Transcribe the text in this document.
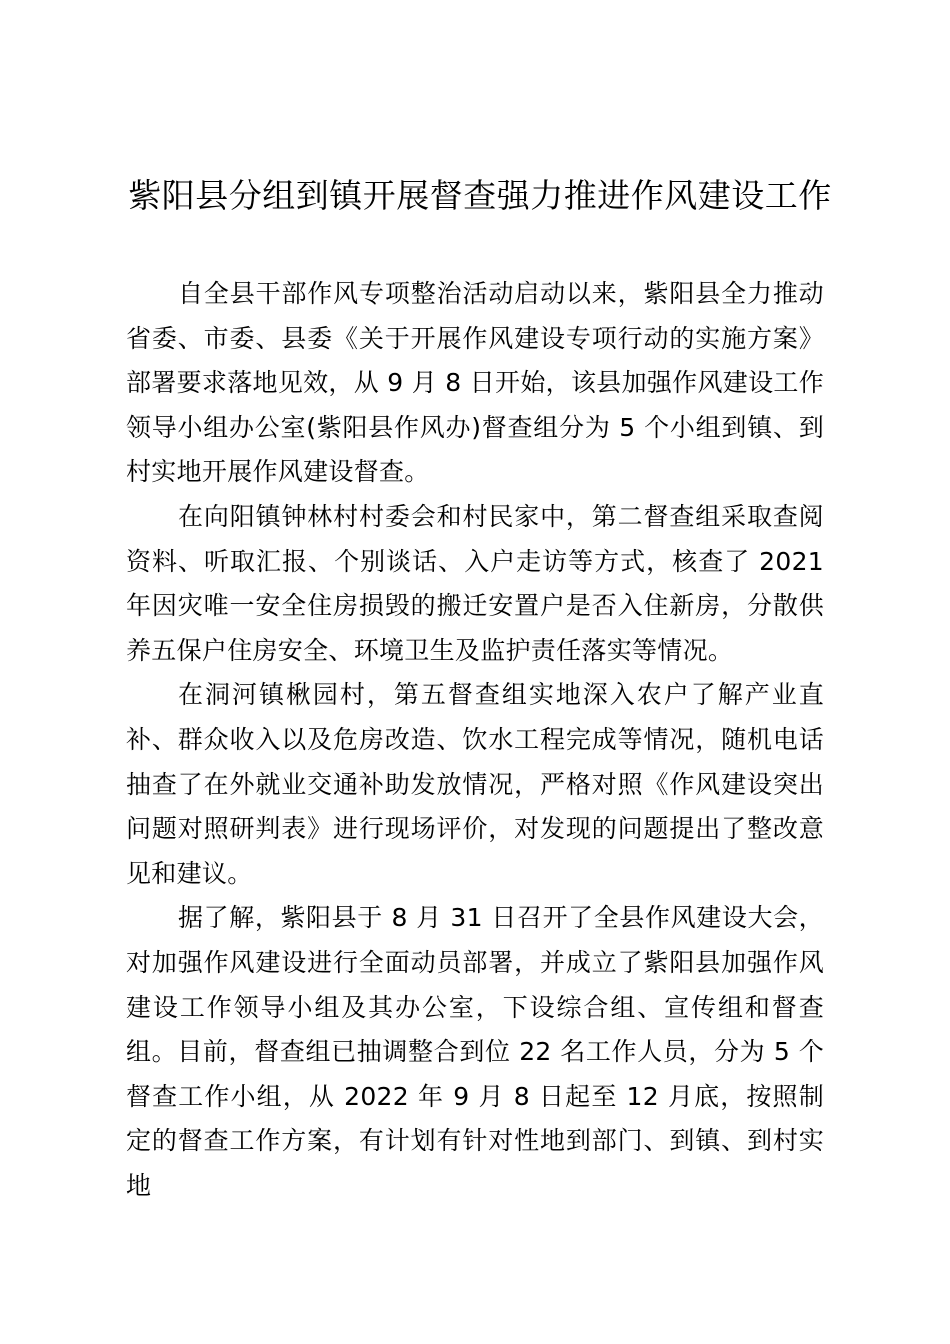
紫阳县分组到镇开展督查强力推进作风建设工作

自全县干部作风专项整治活动启动以来，紫阳县全力推动省委、市委、县委《关于开展作风建设专项行动的实施方案》部署要求落地见效，从 9 月 8 日开始，该县加强作风建设工作领导小组办公室(紫阳县作风办)督查组分为 5 个小组到镇、到村实地开展作风建设督查。

在向阳镇钟林村村委会和村民家中，第二督查组采取查阅资料、听取汇报、个别谈话、入户走访等方式，核查了 2021 年因灾唯一安全住房损毁的搬迁安置户是否入住新房，分散供养五保户住房安全、环境卫生及监护责任落实等情况。

在洞河镇楸园村，第五督查组实地深入农户了解产业直补、群众收入以及危房改造、饮水工程完成等情况，随机电话抽查了在外就业交通补助发放情况，严格对照《作风建设突出问题对照研判表》进行现场评价，对发现的问题提出了整改意见和建议。

据了解，紫阳县于 8 月 31 日召开了全县作风建设大会，对加强作风建设进行全面动员部署，并成立了紫阳县加强作风建设工作领导小组及其办公室，下设综合组、宣传组和督查组。目前，督查组已抽调整合到位 22 名工作人员，分为 5 个督查工作小组，从 2022 年 9 月 8 日起至 12 月底，按照制定的督查工作方案，有计划有针对性地到部门、到镇、到村实地
